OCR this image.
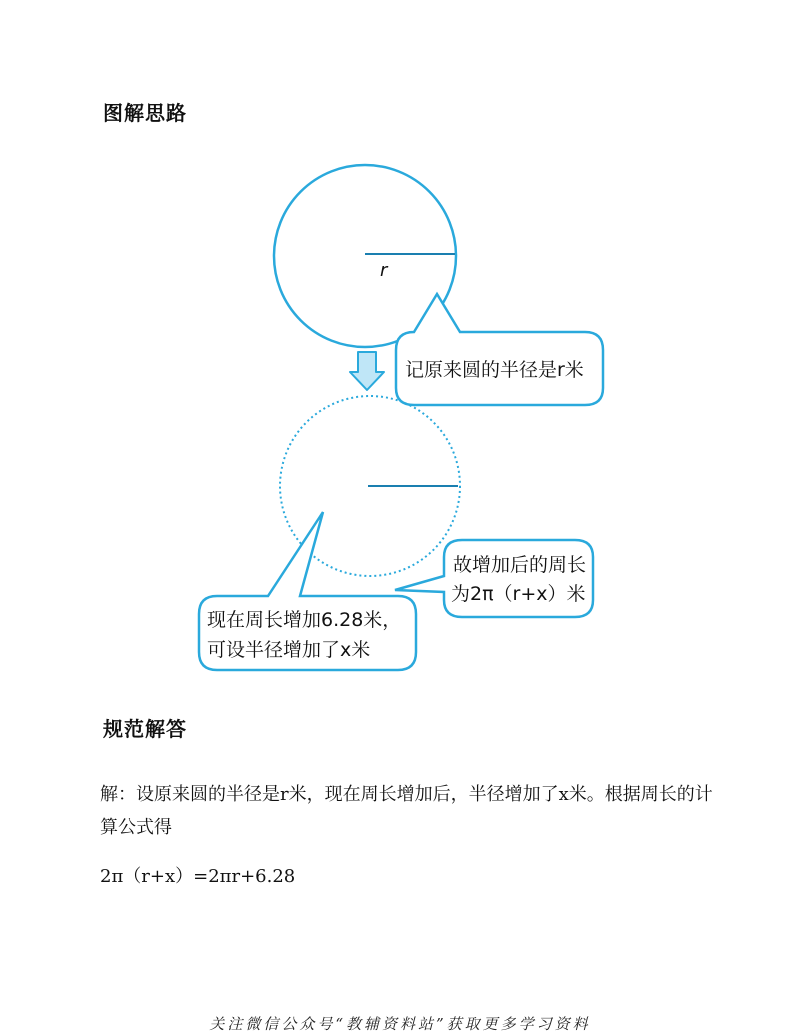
图解思路
r
记原来圆的半径是r米
故增加后的周长
为2π（r+x）米
现在周长增加6.28米，
可设半径增加了x米
规范解答
解：设原来圆的半径是r米，现在周长增加后，半径增加了x米。根据周长的计算公式得
2π（r+x）=2πr+6.28
关注微信公众号“教辅资料站”获取更多学习资料
